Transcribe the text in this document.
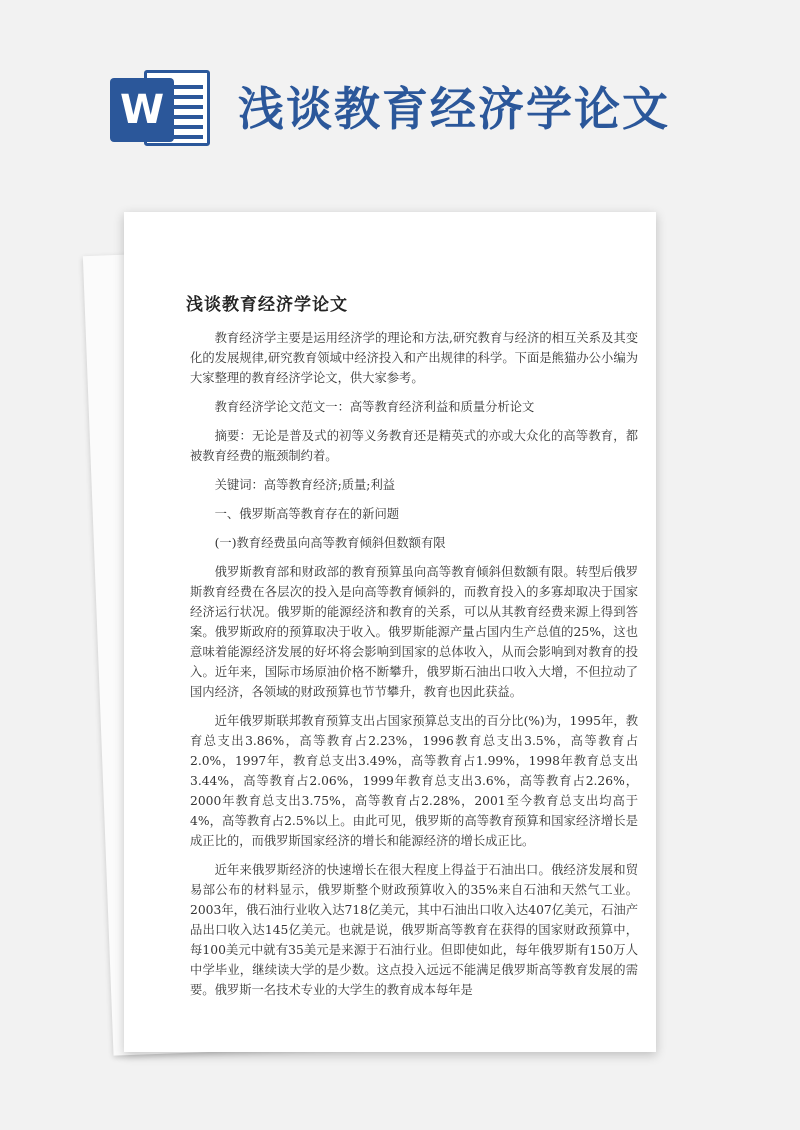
W 浅谈教育经济学论文
浅谈教育经济学论文

教育经济学主要是运用经济学的理论和方法,研究教育与经济的相互关系及其变化的发展规律,研究教育领域中经济投入和产出规律的科学。下面是熊猫办公小编为大家整理的教育经济学论文，供大家参考。

教育经济学论文范文一：高等教育经济利益和质量分析论文

摘要：无论是普及式的初等义务教育还是精英式的亦或大众化的高等教育，都被教育经费的瓶颈制约着。

关键词：高等教育经济;质量;利益

一、俄罗斯高等教育存在的新问题

(一)教育经费虽向高等教育倾斜但数额有限

俄罗斯教育部和财政部的教育预算虽向高等教育倾斜但数额有限。转型后俄罗斯教育经费在各层次的投入是向高等教育倾斜的，而教育投入的多寡却取决于国家经济运行状况。俄罗斯的能源经济和教育的关系，可以从其教育经费来源上得到答案。俄罗斯政府的预算取决于收入。俄罗斯能源产量占国内生产总值的25%，这也意味着能源经济发展的好坏将会影响到国家的总体收入，从而会影响到对教育的投入。近年来，国际市场原油价格不断攀升，俄罗斯石油出口收入大增，不但拉动了国内经济，各领域的财政预算也节节攀升，教育也因此获益。

近年俄罗斯联邦教育预算支出占国家预算总支出的百分比(%)为，1995年，教育总支出3.86%，高等教育占2.23%，1996教育总支出3.5%，高等教育占2.0%，1997年，教育总支出3.49%，高等教育占1.99%，1998年教育总支出3.44%，高等教育占2.06%，1999年教育总支出3.6%，高等教育占2.26%，2000年教育总支出3.75%，高等教育占2.28%，2001至今教育总支出均高于4%，高等教育占2.5%以上。由此可见，俄罗斯的高等教育预算和国家经济增长是成正比的，而俄罗斯国家经济的增长和能源经济的增长成正比。

近年来俄罗斯经济的快速增长在很大程度上得益于石油出口。俄经济发展和贸易部公布的材料显示，俄罗斯整个财政预算收入的35%来自石油和天然气工业。2003年，俄石油行业收入达718亿美元，其中石油出口收入达407亿美元，石油产品出口收入达145亿美元。也就是说，俄罗斯高等教育在获得的国家财政预算中，每100美元中就有35美元是来源于石油行业。但即使如此，每年俄罗斯有150万人中学毕业，继续读大学的是少数。这点投入远远不能满足俄罗斯高等教育发展的需要。俄罗斯一名技术专业的大学生的教育成本每年是
